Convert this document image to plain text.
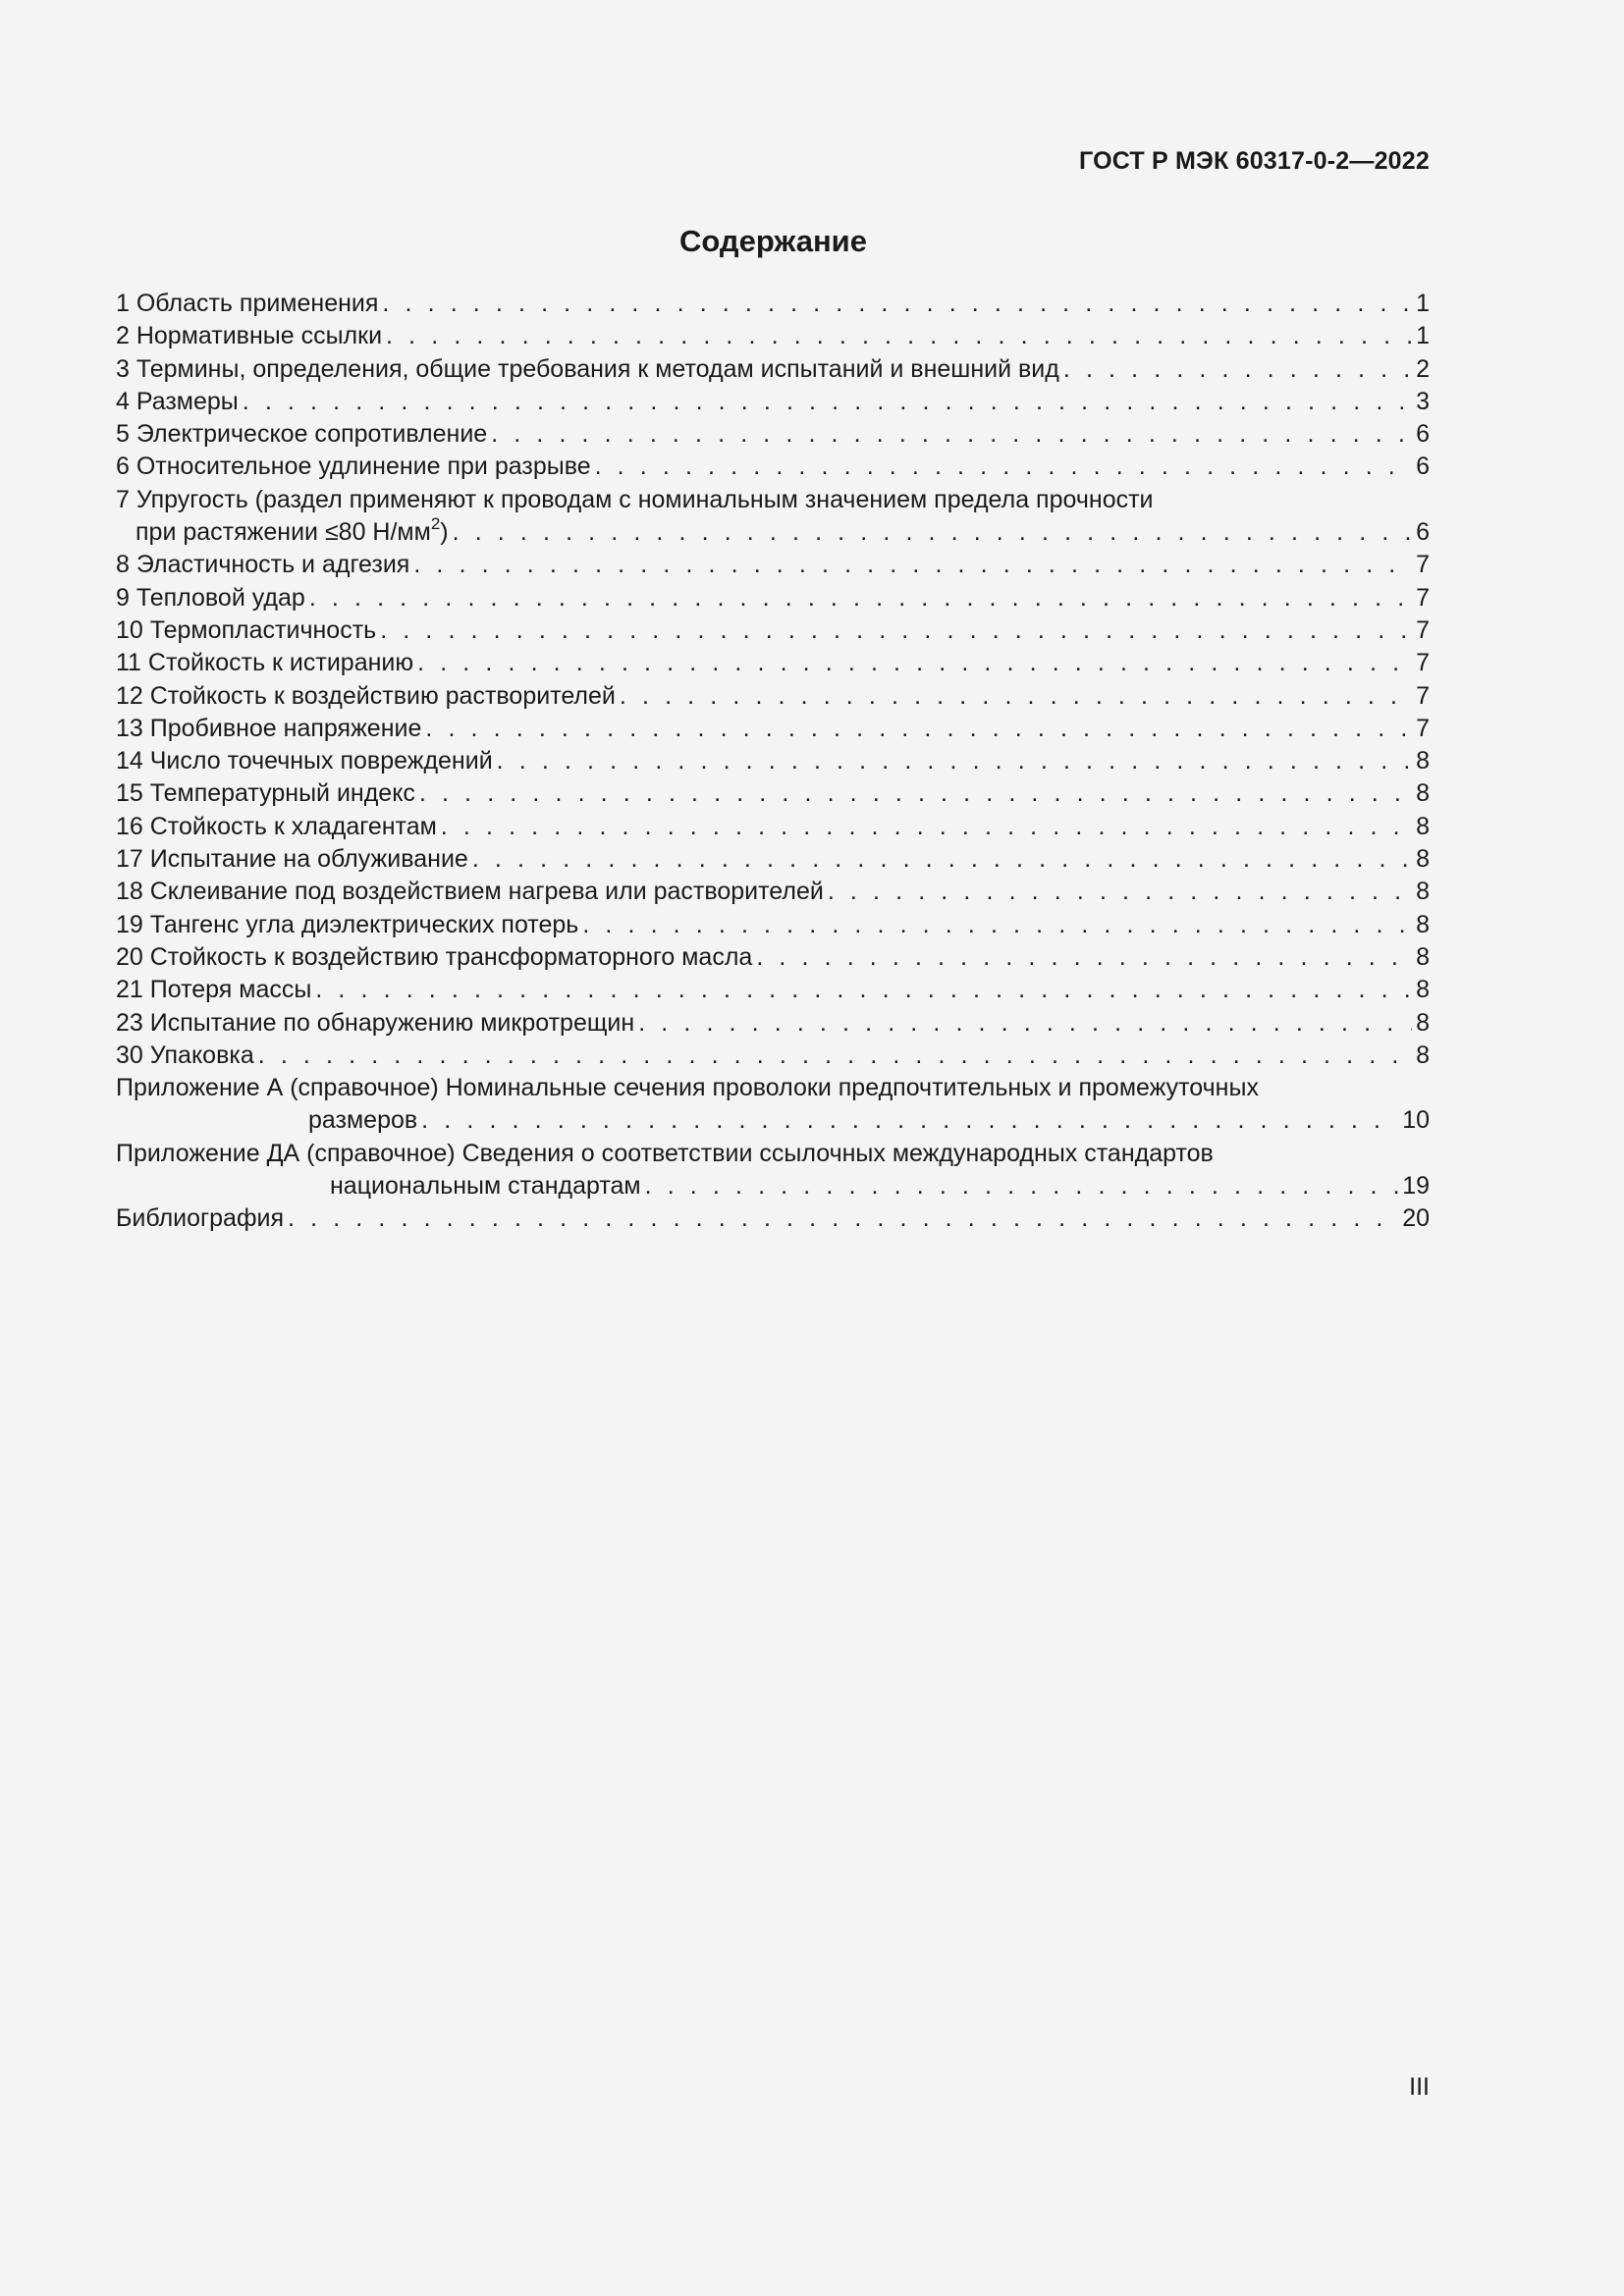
ГОСТ Р МЭК 60317-0-2—2022
Содержание
1 Область применения . . .	1
2 Нормативные ссылки . . .	1
3 Термины, определения, общие требования к методам испытаний и внешний вид . . .	2
4 Размеры . . .	3
5 Электрическое сопротивление . . .	6
6 Относительное удлинение при разрыве . . .	6
7 Упругость (раздел применяют к проводам с номинальным значением предела прочности
при растяжении ≤80 $Н/мм^2$) . . .	6
8 Эластичность и адгезия . . .	7
9 Тепловой удар . . .	7
10 Термопластичность . . .	7
11 Стойкость к истиранию . . .	7
12 Стойкость к воздействию растворителей . . .	7
13 Пробивное напряжение . . .	7
14 Число точечных повреждений . . .	8
15 Температурный индекс . . .	8
16 Стойкость к хладагентам . . .	8
17 Испытание на облуживание . . .	8
18 Склеивание под воздействием нагрева или растворителей . . .	8
19 Тангенс угла диэлектрических потерь . . .	8
20 Стойкость к воздействию трансформаторного масла . . .	8
21 Потеря массы . . .	8
23 Испытание по обнаружению микротрещин . . .	8
30 Упаковка . . .	8
Приложение А (справочное) Номинальные сечения проволоки предпочтительных и промежуточных
размеров . . .	10
Приложение ДА (справочное) Сведения о соответствии ссылочных международных стандартов
национальным стандартам . . .	19
Библиография . . .	20
III
